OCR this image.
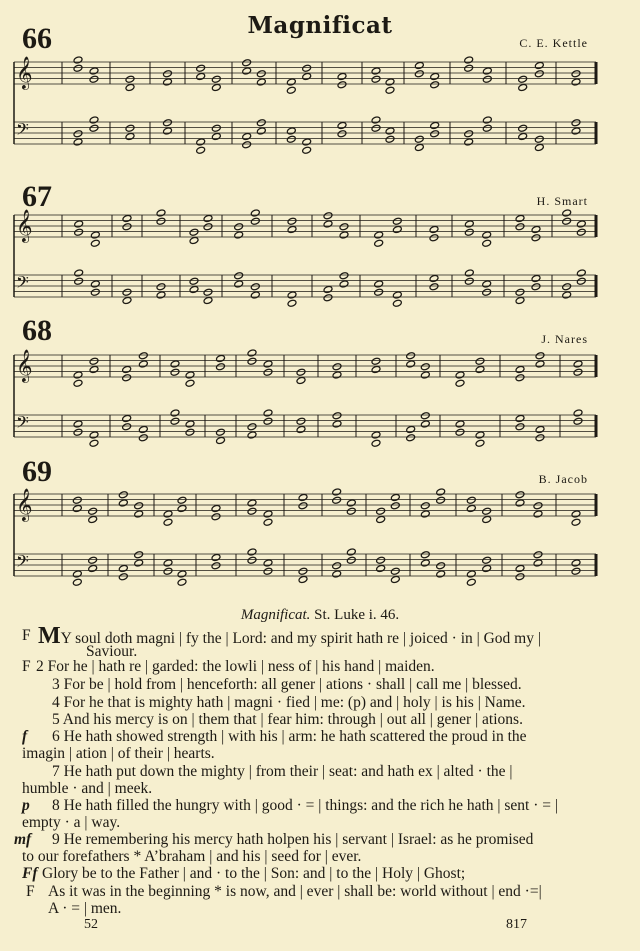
Magnificat
66	C. E. Kettle
67	H. Smart
68	J. Nares
69	B. Jacob
𝄞
𝄢
𝄞
𝄢
𝄞
𝄢
𝄞
𝄢
Magnificat. St. Luke i. 46.
F MY soul doth magni | fy the | Lord: and my spirit hath re | joiced · in | God my |
Saviour.
F 2 For he | hath re | garded: the lowli | ness of | his hand | maiden.
3 For be | hold from | henceforth: all gener | ations · shall | call me | blessed.
4 For he that is mighty hath | magni · fied | me: (p) and | holy | is his | Name.
5 And his mercy is on | them that | fear him: through | out all | gener | ations.
f 6 He hath showed strength | with his | arm: he hath scattered the proud in the
imagin | ation | of their | hearts.
7 He hath put down the mighty | from their | seat: and hath ex | alted · the |
humble · and | meek.
p 8 He hath filled the hungry with | good · = | things: and the rich he hath | sent · = |
empty · a | way.
mf 9 He remembering his mercy hath holpen his | servant | Israel: as he promised
to our forefathers * A’braham | and his | seed for | ever.
Ff Glory be to the Father | and · to the | Son: and | to the | Holy | Ghost;
F As it was in the beginning * is now, and | ever | shall be: world without | end ·=|
A · = | men.
52	817
